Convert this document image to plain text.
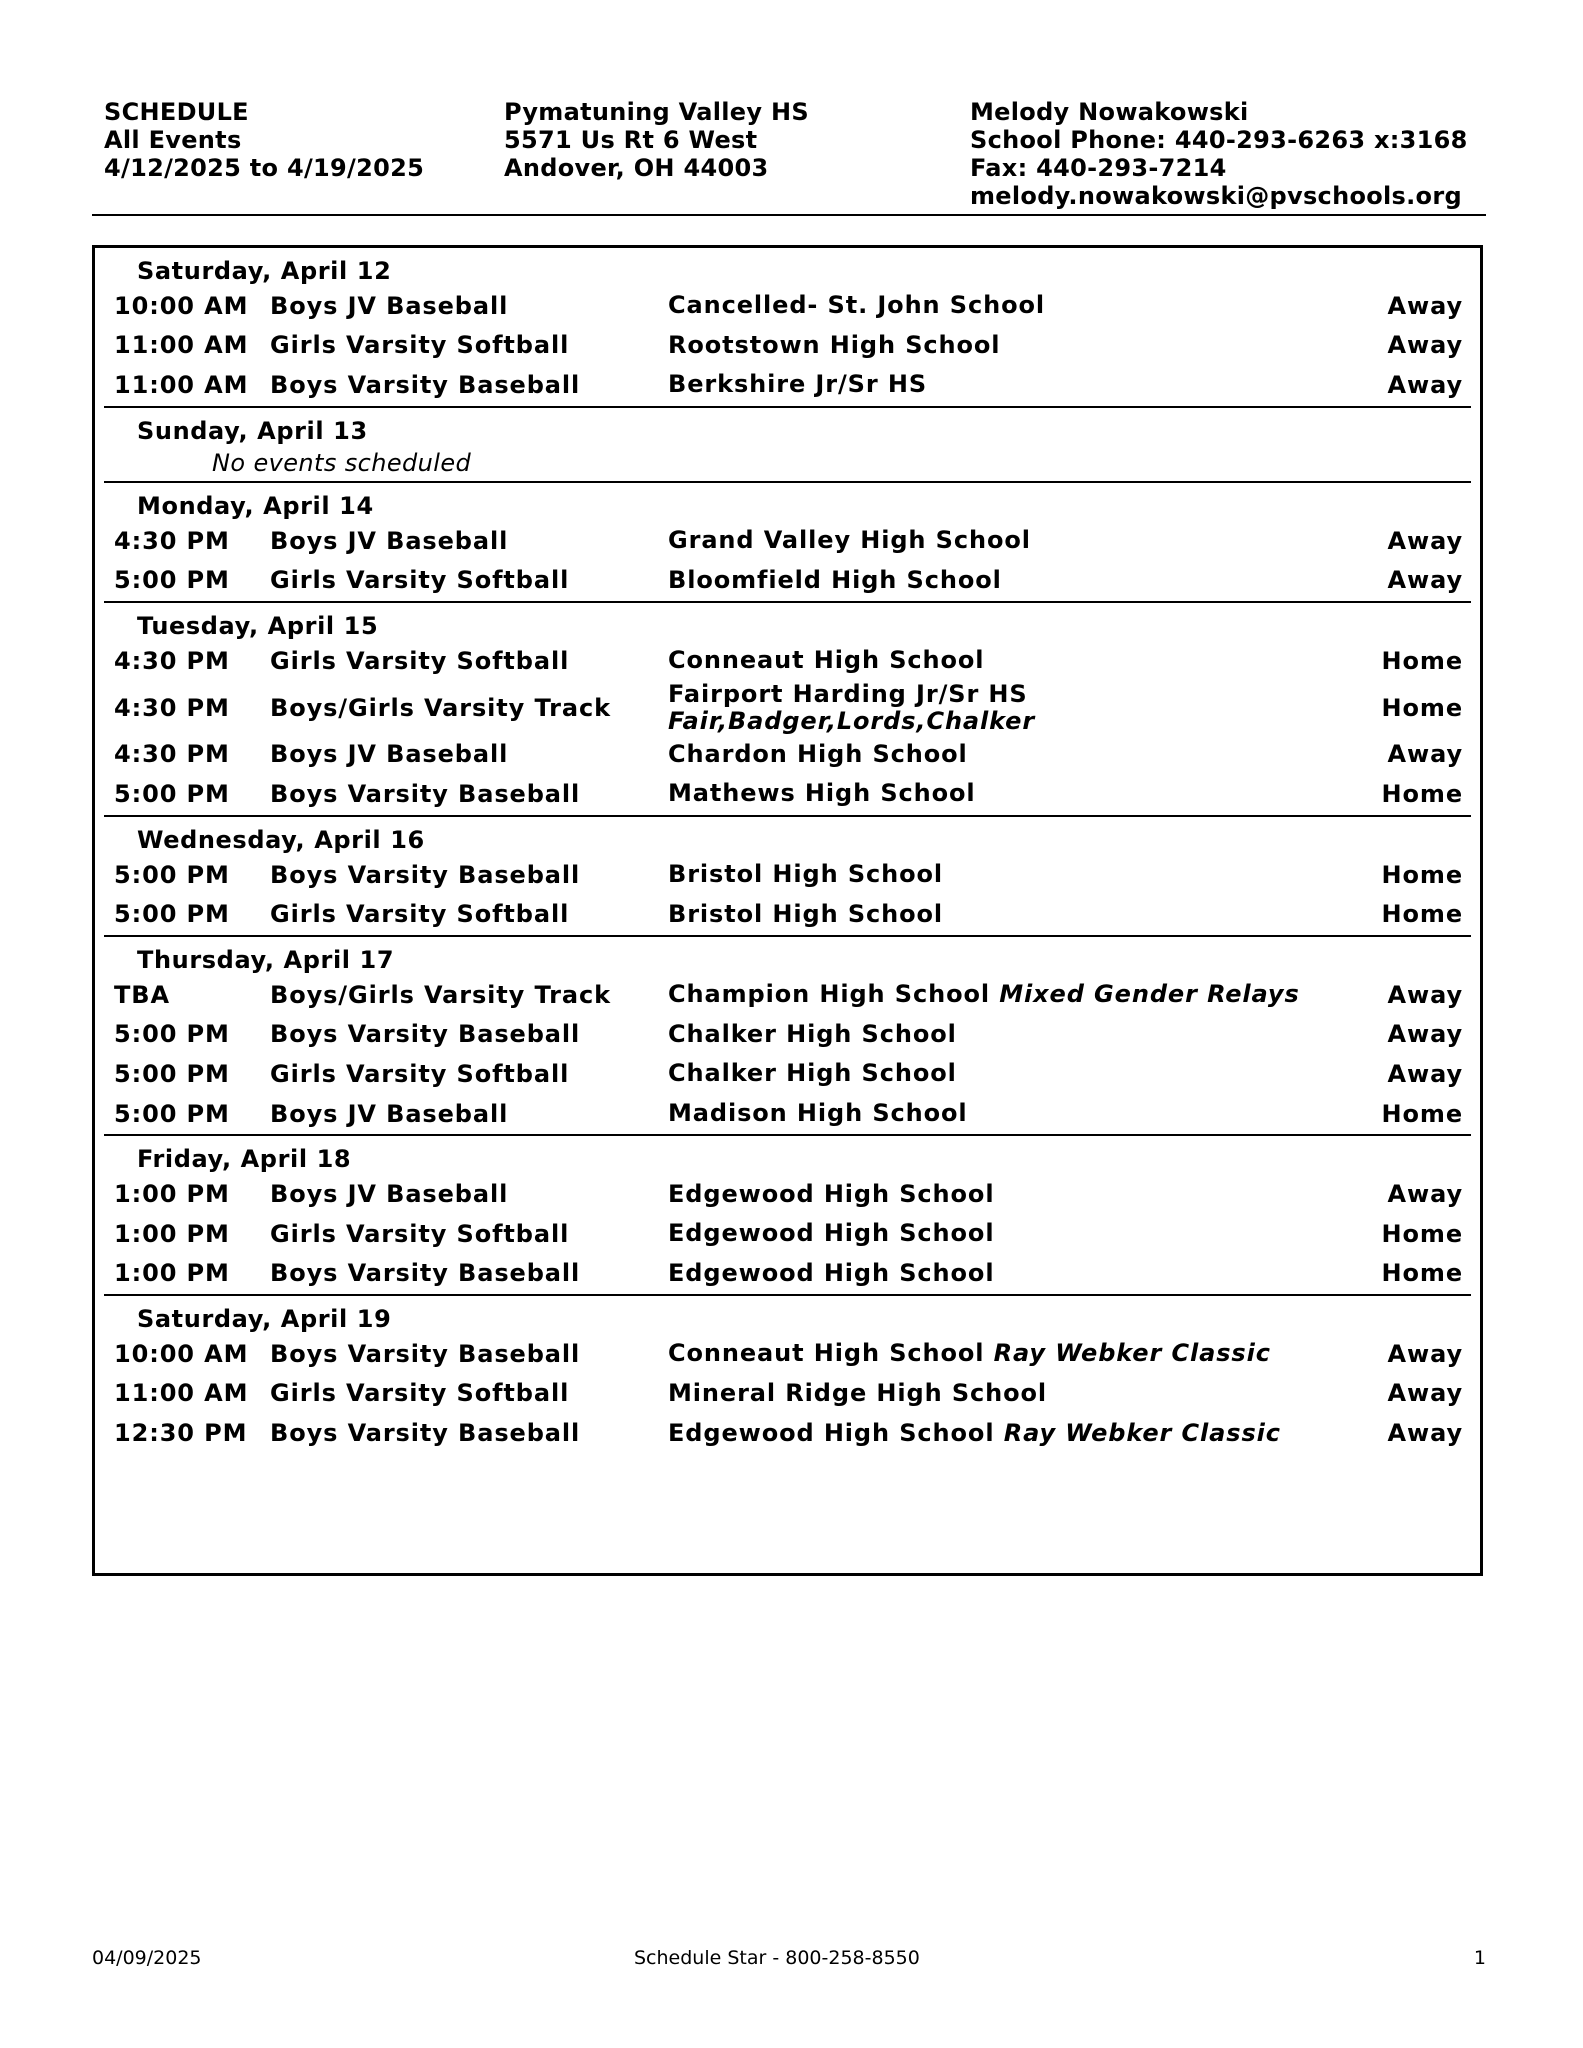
SCHEDULE
All Events
4/12/2025 to 4/19/2025
Pymatuning Valley HS
5571 Us Rt 6 West
Andover, OH 44003
Melody Nowakowski
School Phone: 440-293-6263 x:3168
Fax: 440-293-7214
melody.nowakowski@pvschools.org
Saturday, April 12
10:00 AM Boys JV Baseball	Cancelled- St. John School	Away
11:00 AM Girls Varsity Softball	Rootstown High School	Away
11:00 AM Boys Varsity Baseball	Berkshire Jr/Sr HS	Away
Sunday, April 13
No events scheduled
Monday, April 14
4:30 PM	Boys JV Baseball	Grand Valley High School	Away
5:00 PM	Girls Varsity Softball	Bloomfield High School	Away
Tuesday, April 15
4:30 PM	Girls Varsity Softball	Conneaut High School	Home
4:30 PM	Boys/Girls Varsity Track	Fairport Harding Jr/Sr HS
Fair,Badger,Lords,Chalker	Home
4:30 PM	Boys JV Baseball	Chardon High School	Away
5:00 PM	Boys Varsity Baseball	Mathews High School	Home
Wednesday, April 16
5:00 PM	Boys Varsity Baseball	Bristol High School	Home
5:00 PM	Girls Varsity Softball	Bristol High School	Home
Thursday, April 17
TBA	Boys/Girls Varsity Track	Champion High School Mixed Gender Relays	Away
5:00 PM	Boys Varsity Baseball	Chalker High School	Away
5:00 PM	Girls Varsity Softball	Chalker High School	Away
5:00 PM	Boys JV Baseball	Madison High School	Home
Friday, April 18
1:00 PM	Boys JV Baseball	Edgewood High School	Away
1:00 PM	Girls Varsity Softball	Edgewood High School	Home
1:00 PM	Boys Varsity Baseball	Edgewood High School	Home
Saturday, April 19
10:00 AM Boys Varsity Baseball	Conneaut High School Ray Webker Classic	Away
11:00 AM Girls Varsity Softball	Mineral Ridge High School	Away
12:30 PM Boys Varsity Baseball	Edgewood High School Ray Webker Classic	Away
04/09/2025	Schedule Star - 800-258-8550	1
